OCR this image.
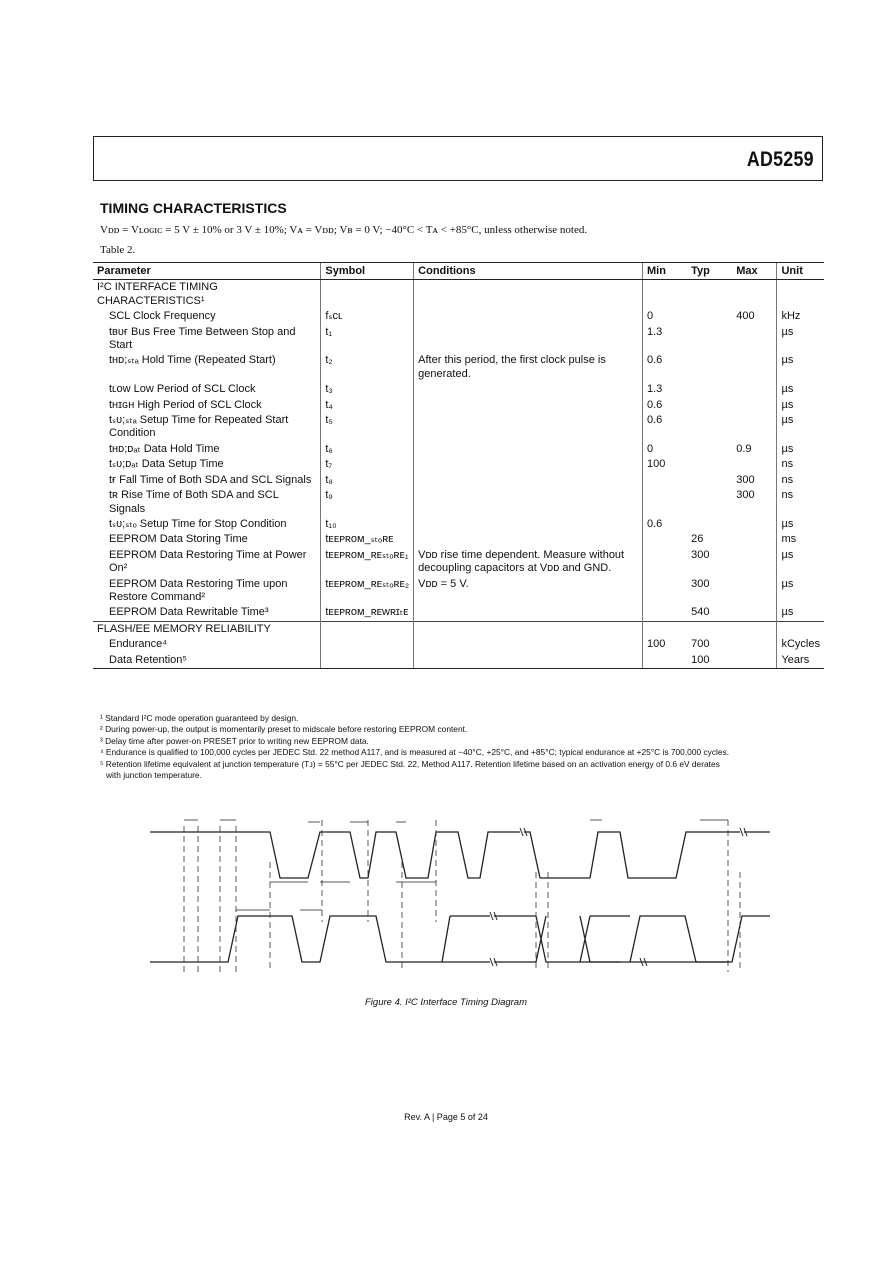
AD5259
TIMING CHARACTERISTICS
Vᴅᴅ = Vʟᴏɢɪᴄ = 5 V ± 10% or 3 V ± 10%; Vᴀ = Vᴅᴅ; Vʙ = 0 V; −40°C < Tᴀ < +85°C, unless otherwise noted.
Table 2.
Parameter	Symbol	Conditions	Min	Typ	Max	Unit
I²C INTERFACE TIMING CHARACTERISTICS¹						
SCL Clock Frequency	fₛᴄʟ		0		400	kHz
tʙᴜғ Bus Free Time Between Stop and Start	t₁		1.3			µs
tʜᴅ;ₛₜₐ Hold Time (Repeated Start)	t₂	After this period, the first clock pulse is generated.	0.6			µs
tʟᴏᴡ Low Period of SCL Clock	t₃		1.3			µs
tʜɪɢʜ High Period of SCL Clock	t₄		0.6			µs
tₛᴜ;ₛₜₐ Setup Time for Repeated Start Condition	t₅		0.6			µs
tʜᴅ;ᴅₐₜ Data Hold Time	t₆		0		0.9	µs
tₛᴜ;ᴅₐₜ Data Setup Time	t₇		100			ns
tғ Fall Time of Both SDA and SCL Signals	t₈				300	ns
tʀ Rise Time of Both SDA and SCL Signals	t₉				300	ns
tₛᴜ;ₛₜₒ Setup Time for Stop Condition	t₁₀		0.6			µs
EEPROM Data Storing Time	tᴇᴇᴘʀᴏᴍ_ₛₜₒʀᴇ			26		ms
EEPROM Data Restoring Time at Power On²	tᴇᴇᴘʀᴏᴍ_ʀᴇₛₜₒʀᴇ₁	Vᴅᴅ rise time dependent. Measure without decoupling capacitors at Vᴅᴅ and GND.		300		µs
EEPROM Data Restoring Time upon Restore Command²	tᴇᴇᴘʀᴏᴍ_ʀᴇₛₜₒʀᴇ₂	Vᴅᴅ = 5 V.		300		µs
EEPROM Data Rewritable Time³	tᴇᴇᴘʀᴏᴍ_ʀᴇᴡʀɪₜᴇ			540		µs
FLASH/EE MEMORY RELIABILITY						
Endurance⁴			100	700		kCycles
Data Retention⁵				100		Years
¹ Standard I²C mode operation guaranteed by design.
² During power-up, the output is momentarily preset to midscale before restoring EEPROM content.
³ Delay time after power-on PRESET prior to writing new EEPROM data.
⁴ Endurance is qualified to 100,000 cycles per JEDEC Std. 22 method A117, and is measured at −40°C, +25°C, and +85°C; typical endurance at +25°C is 700,000 cycles.
⁵ Retention lifetime equivalent at junction temperature (Tᴊ) = 55°C per JEDEC Std. 22, Method A117. Retention lifetime based on an activation energy of 0.6 eV derates
with junction temperature.
Figure 4. I²C Interface Timing Diagram
Rev. A | Page 5 of 24
